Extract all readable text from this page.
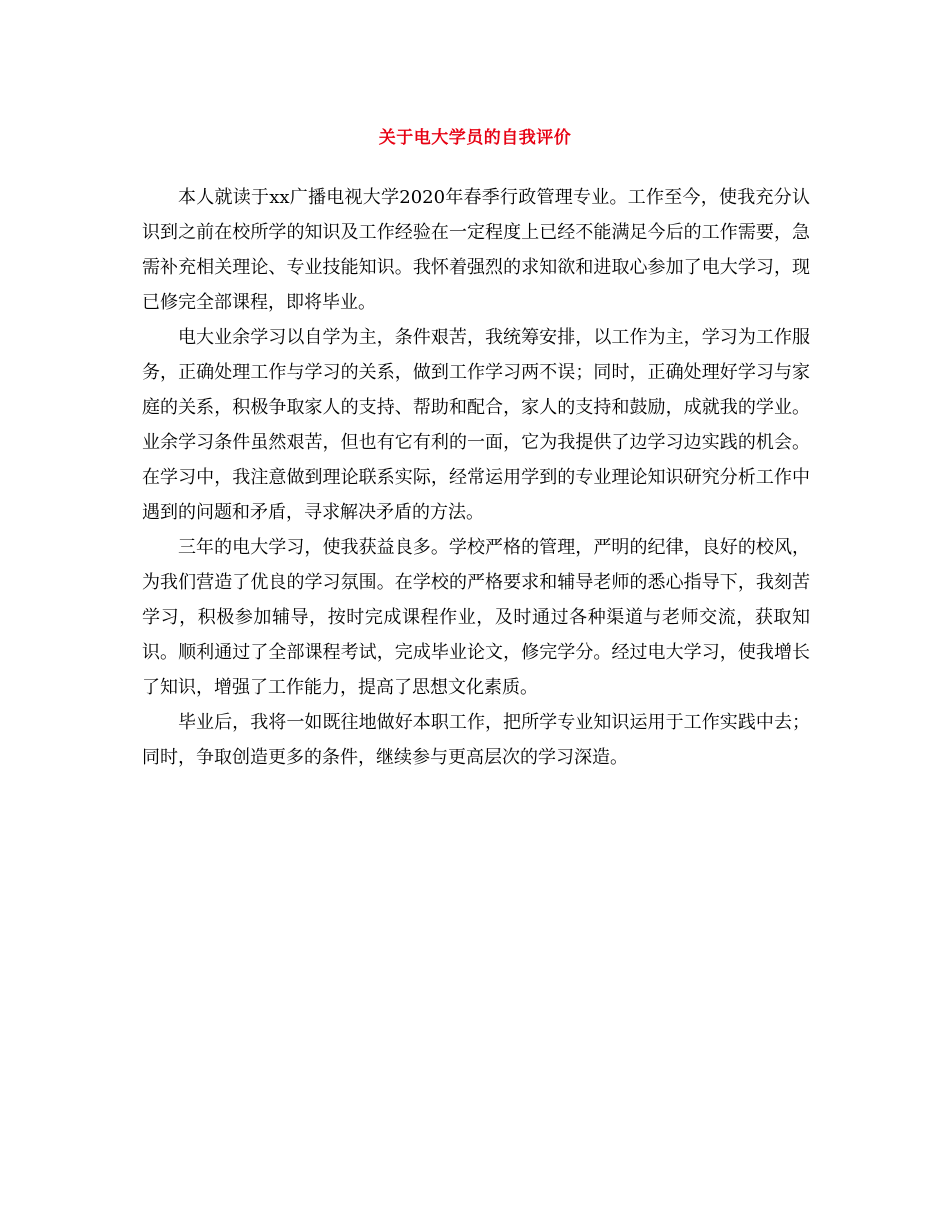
关于电大学员的自我评价

本人就读于xx广播电视大学2020年春季行政管理专业。工作至今，使我充分认识到之前在校所学的知识及工作经验在一定程度上已经不能满足今后的工作需要，急需补充相关理论、专业技能知识。我怀着强烈的求知欲和进取心参加了电大学习，现已修完全部课程，即将毕业。

电大业余学习以自学为主，条件艰苦，我统筹安排，以工作为主，学习为工作服务，正确处理工作与学习的关系，做到工作学习两不误；同时，正确处理好学习与家庭的关系，积极争取家人的支持、帮助和配合，家人的支持和鼓励，成就我的学业。业余学习条件虽然艰苦，但也有它有利的一面，它为我提供了边学习边实践的机会。在学习中，我注意做到理论联系实际，经常运用学到的专业理论知识研究分析工作中遇到的问题和矛盾，寻求解决矛盾的方法。

三年的电大学习，使我获益良多。学校严格的管理，严明的纪律，良好的校风，为我们营造了优良的学习氛围。在学校的严格要求和辅导老师的悉心指导下，我刻苦学习，积极参加辅导，按时完成课程作业，及时通过各种渠道与老师交流，获取知识。顺利通过了全部课程考试，完成毕业论文，修完学分。经过电大学习，使我增长了知识，增强了工作能力，提高了思想文化素质。

毕业后，我将一如既往地做好本职工作，把所学专业知识运用于工作实践中去；同时，争取创造更多的条件，继续参与更高层次的学习深造。
